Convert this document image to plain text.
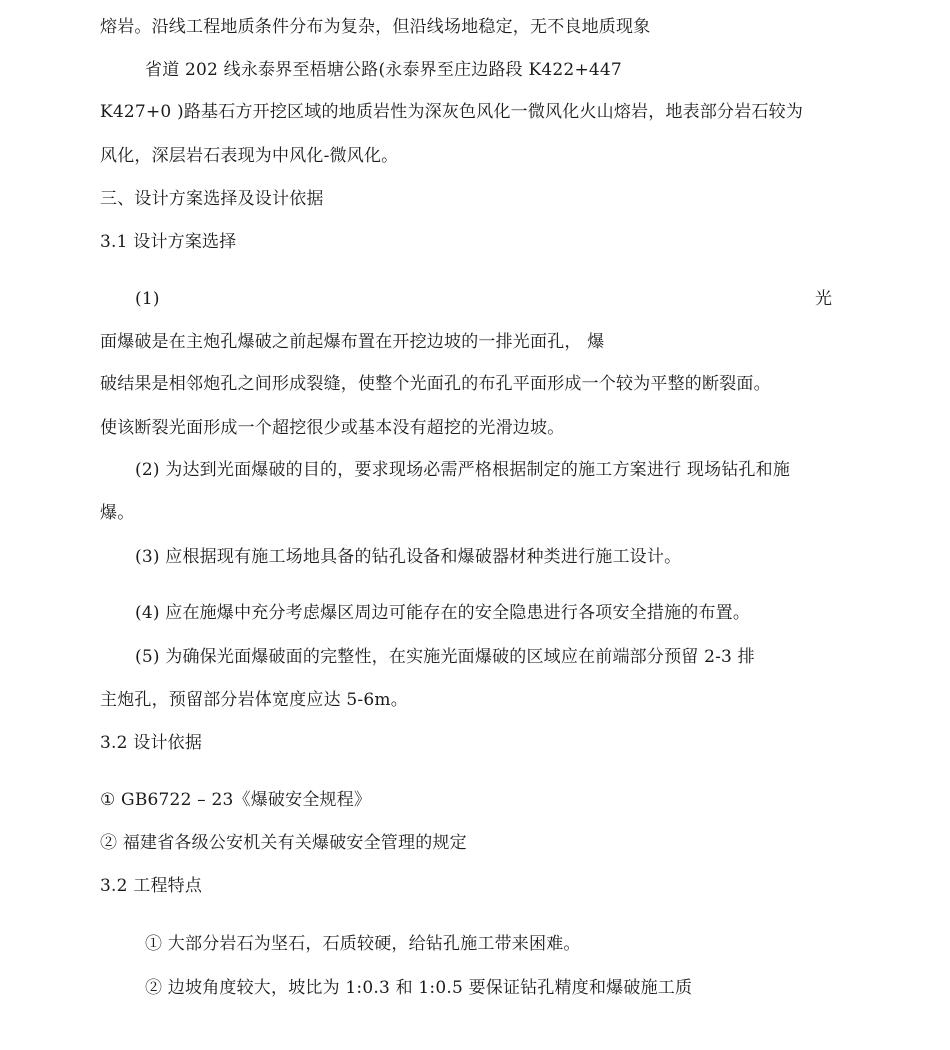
熔岩。沿线工程地质条件分布为复杂，但沿线场地稳定，无不良地质现象
省道 202 线永泰界至梧塘公路(永泰界至庄边路段 K422+447
K427+0 )路基石方开挖区域的地质岩性为深灰色风化一微风化火山熔岩，地表部分岩石较为
风化，深层岩石表现为中风化-微风化。
三、设计方案选择及设计依据
3.1 设计方案选择
(1)	光
面爆破是在主炮孔爆破之前起爆布置在开挖边坡的一排光面孔， 爆
破结果是相邻炮孔之间形成裂缝，使整个光面孔的布孔平面形成一个较为平整的断裂面。
使该断裂光面形成一个超挖很少或基本没有超挖的光滑边坡。
(2) 为达到光面爆破的目的，要求现场必需严格根据制定的施工方案进行 现场钻孔和施
爆。
(3) 应根据现有施工场地具备的钻孔设备和爆破器材种类进行施工设计。
(4) 应在施爆中充分考虑爆区周边可能存在的安全隐患进行各项安全措施的布置。
(5) 为确保光面爆破面的完整性，在实施光面爆破的区域应在前端部分预留 2-3 排
主炮孔，预留部分岩体宽度应达 5-6m。
3.2 设计依据
① GB6722 – 23《爆破安全规程》
② 福建省各级公安机关有关爆破安全管理的规定
3.2 工程特点
① 大部分岩石为坚石，石质较硬，给钻孔施工带来困难。
② 边坡角度较大，坡比为 1:0.3 和 1:0.5 要保证钻孔精度和爆破施工质
